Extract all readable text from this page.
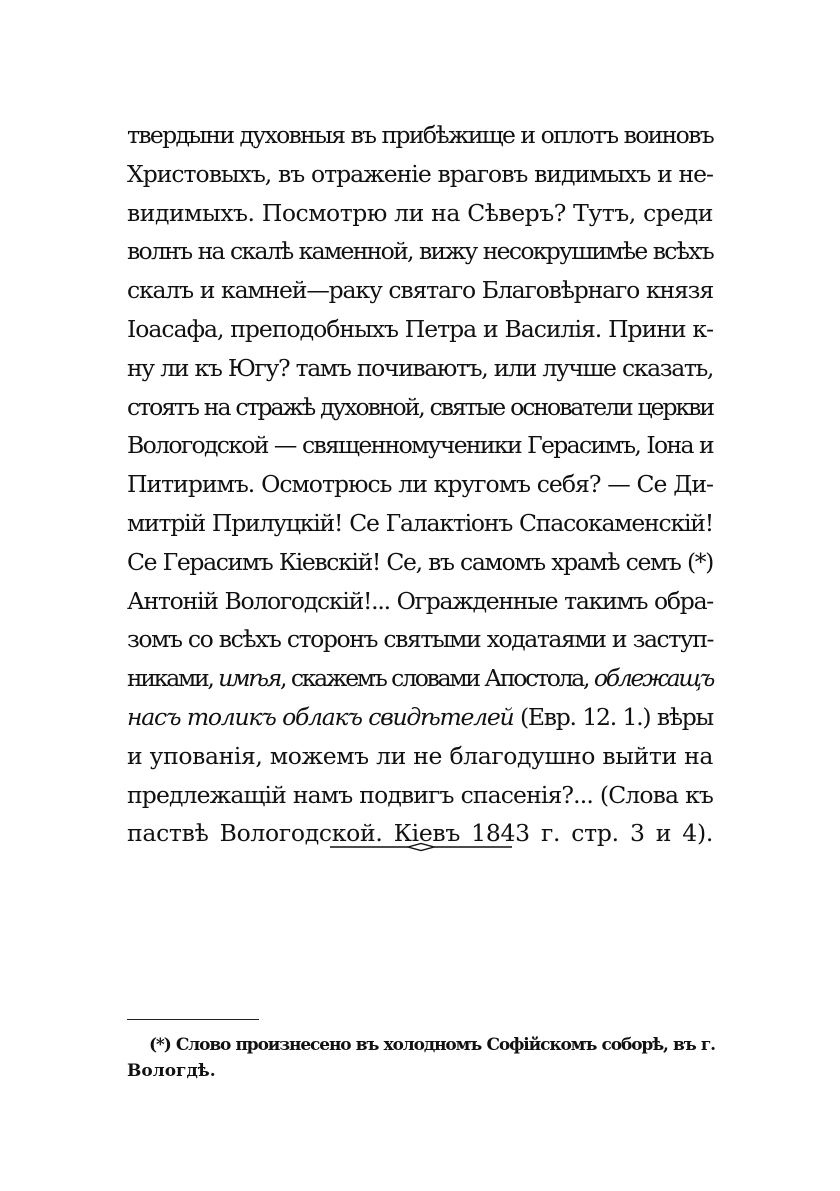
твердыни духовныя въ прибѣжище и оплотъ воиновъ
Христовыхъ, въ отраженіе враговъ видимыхъ и не-
видимыхъ. Посмотрю ли на Сѣверъ? Тутъ, среди
волнъ на скалѣ каменной, вижу несокрушимѣе всѣхъ
скалъ и камней—раку святаго Благовѣрнаго князя
Іоасафа, преподобныхъ Петра и Василія. Прини к-
ну ли къ Югу? тамъ почиваютъ, или лучше сказать,
стоятъ на стражѣ духовной, святые основатели церкви
Вологодской — священномученики Герасимъ, Іона и
Питиримъ. Осмотрюсь ли кругомъ себя? — Се Ди-
митрій Прилуцкій! Се Галактіонъ Спасокаменскій!
Се Герасимъ Кіевскій! Се, въ самомъ храмѣ семъ (*)
Антоній Вологодскій!... Огражденные такимъ обра-
зомъ со всѣхъ сторонъ святыми ходатаями и заступ-
никами, имѣя, скажемъ словами Апостола, облежащъ
насъ толикъ облакъ свидѣтелей (Евр. 12. 1.) вѣры
и упованія, можемъ ли не благодушно выйти на
предлежащій намъ подвигъ спасенія?... (Слова къ
паствѣ Вологодской. Кіевъ 1843 г. стр. 3 и 4).
(*) Слово произнесено въ холодномъ Софійскомъ соборѣ, въ г.
Вологдѣ.
